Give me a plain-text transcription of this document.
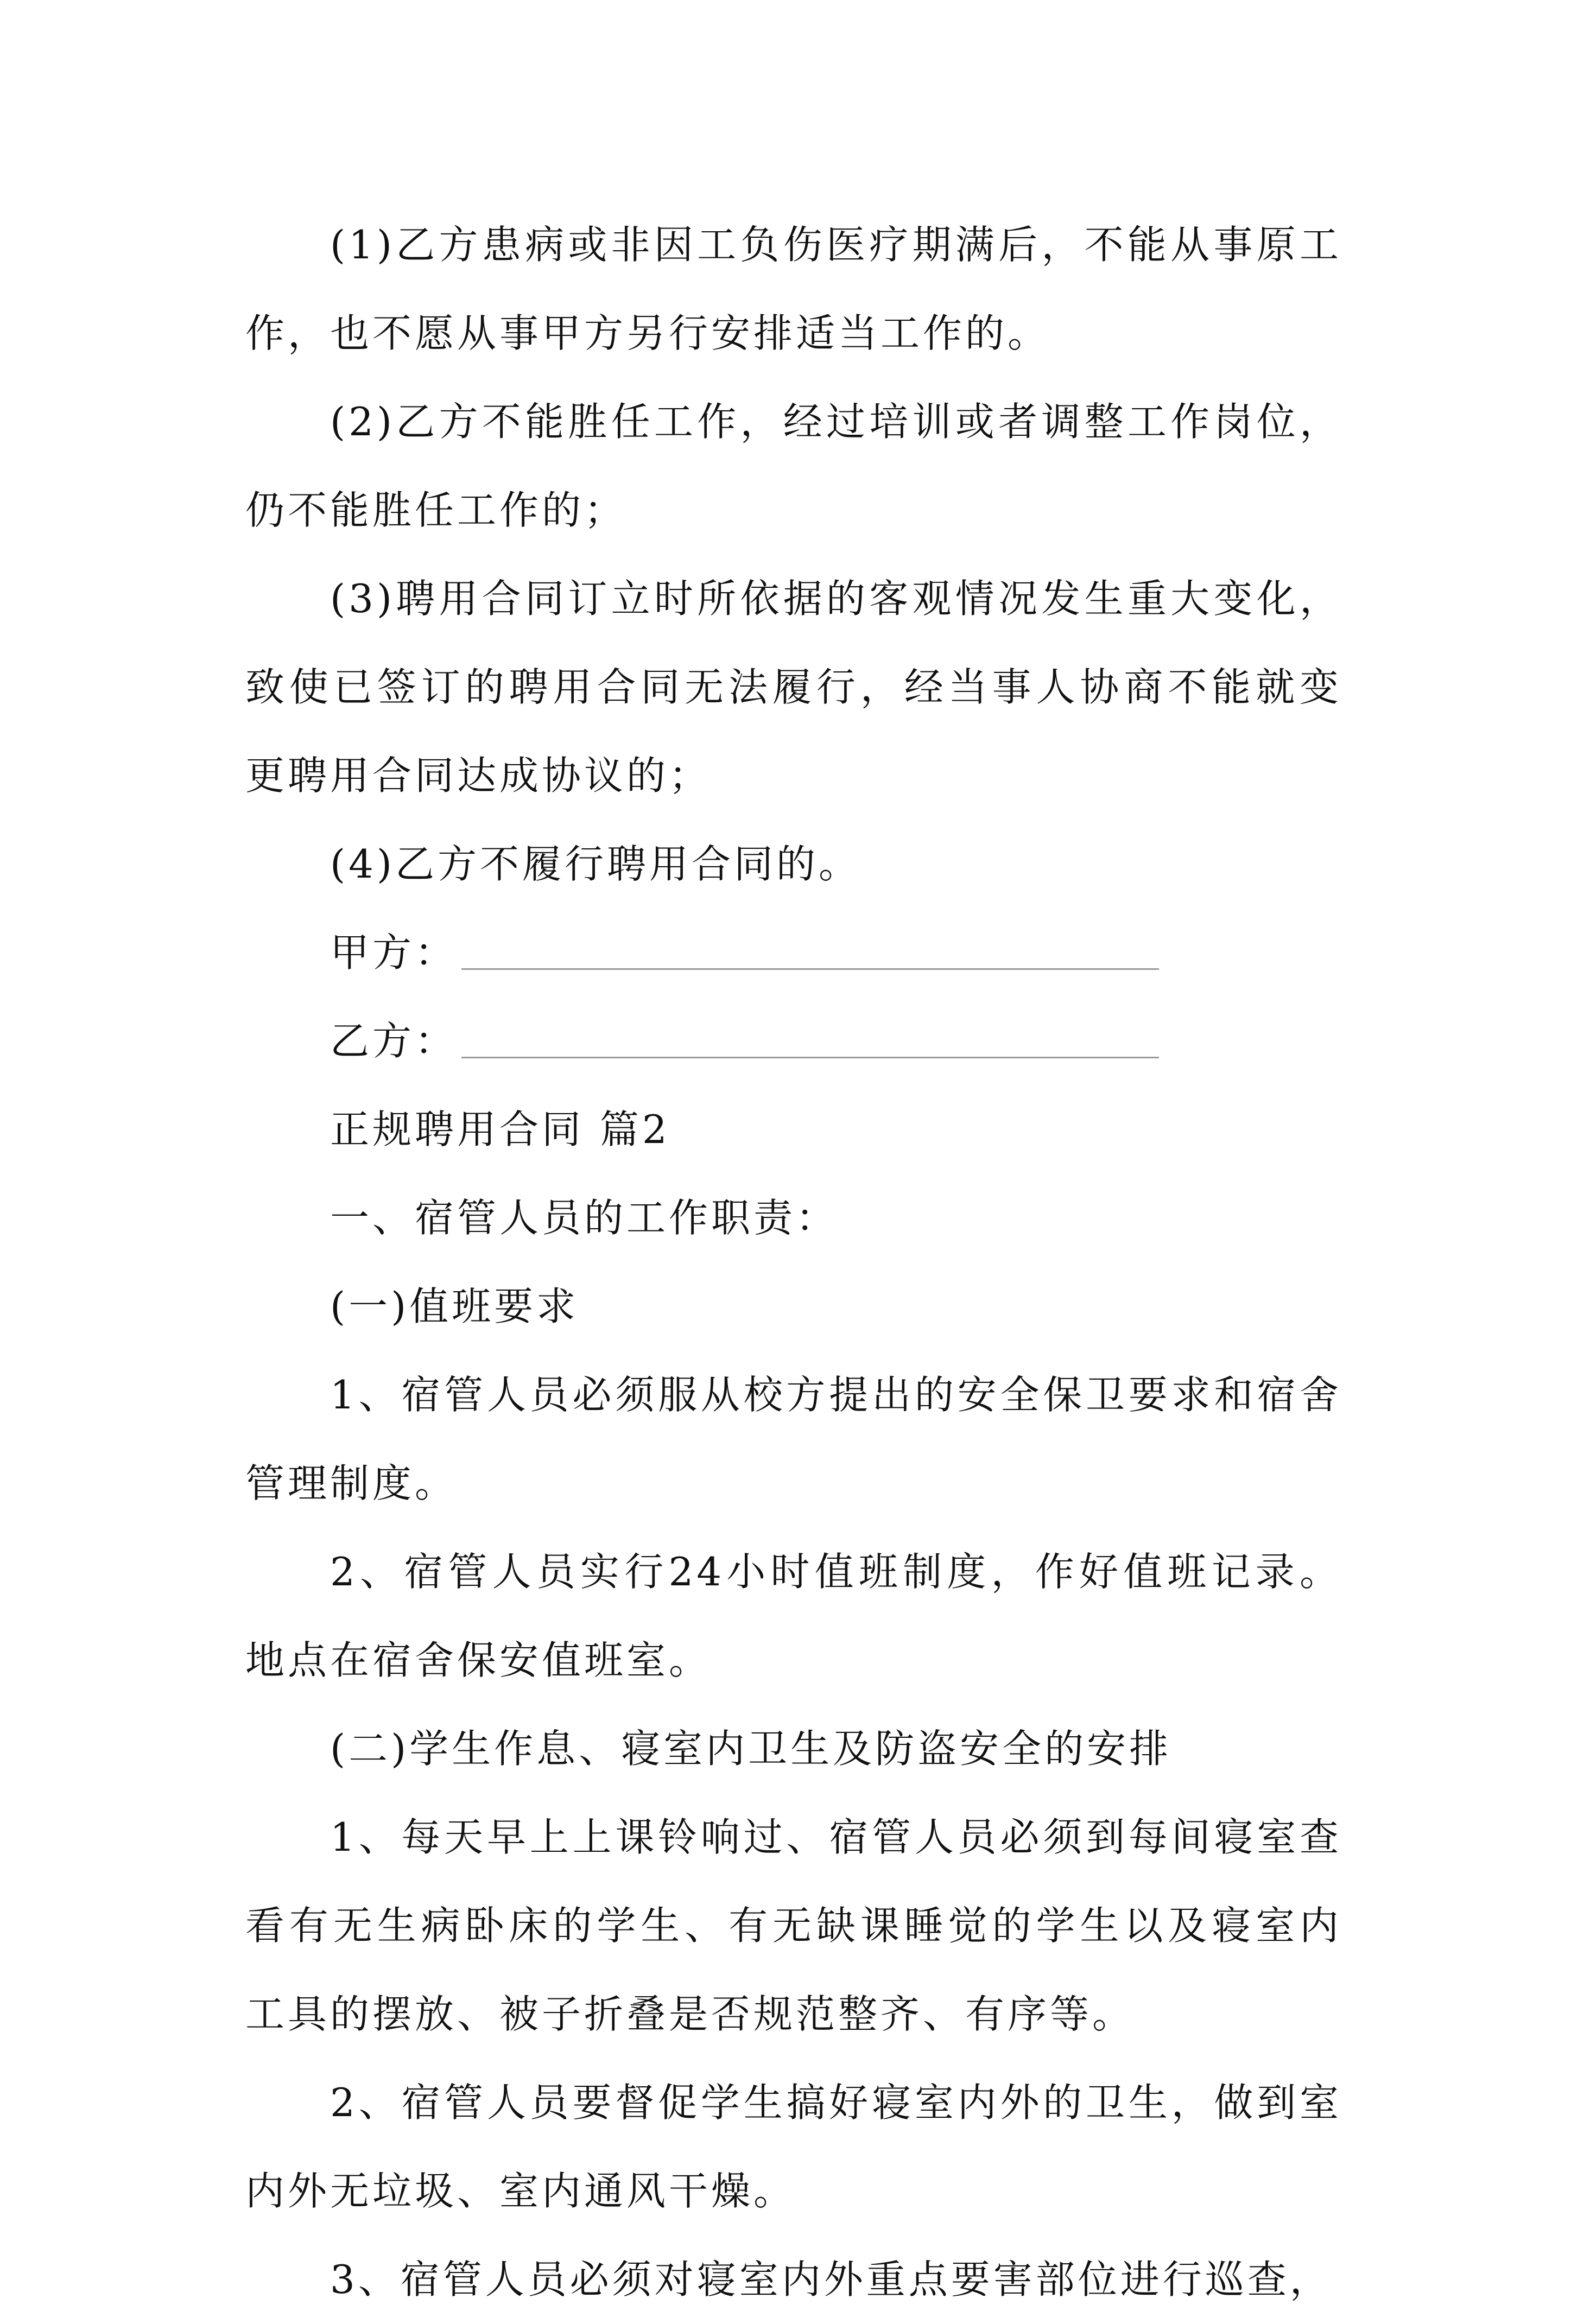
(1)乙方患病或非因工负伤医疗期满后，不能从事原工作，也不愿从事甲方另行安排适当工作的。

(2)乙方不能胜任工作，经过培训或者调整工作岗位，仍不能胜任工作的；

(3)聘用合同订立时所依据的客观情况发生重大变化，致使已签订的聘用合同无法履行，经当事人协商不能就变更聘用合同达成协议的；

(4)乙方不履行聘用合同的。

甲方：
乙方：

正规聘用合同 篇2

一、宿管人员的工作职责：

(一)值班要求

1、宿管人员必须服从校方提出的安全保卫要求和宿舍管理制度。

2、宿管人员实行24小时值班制度，作好值班记录。地点在宿舍保安值班室。

(二)学生作息、寝室内卫生及防盗安全的安排

1、每天早上上课铃响过、宿管人员必须到每间寝室查看有无生病卧床的学生、有无缺课睡觉的学生以及寝室内工具的摆放、被子折叠是否规范整齐、有序等。

2、宿管人员要督促学生搞好寝室内外的卫生，做到室内外无垃圾、室内通风干燥。

3、宿管人员必须对寝室内外重点要害部位进行巡查，
